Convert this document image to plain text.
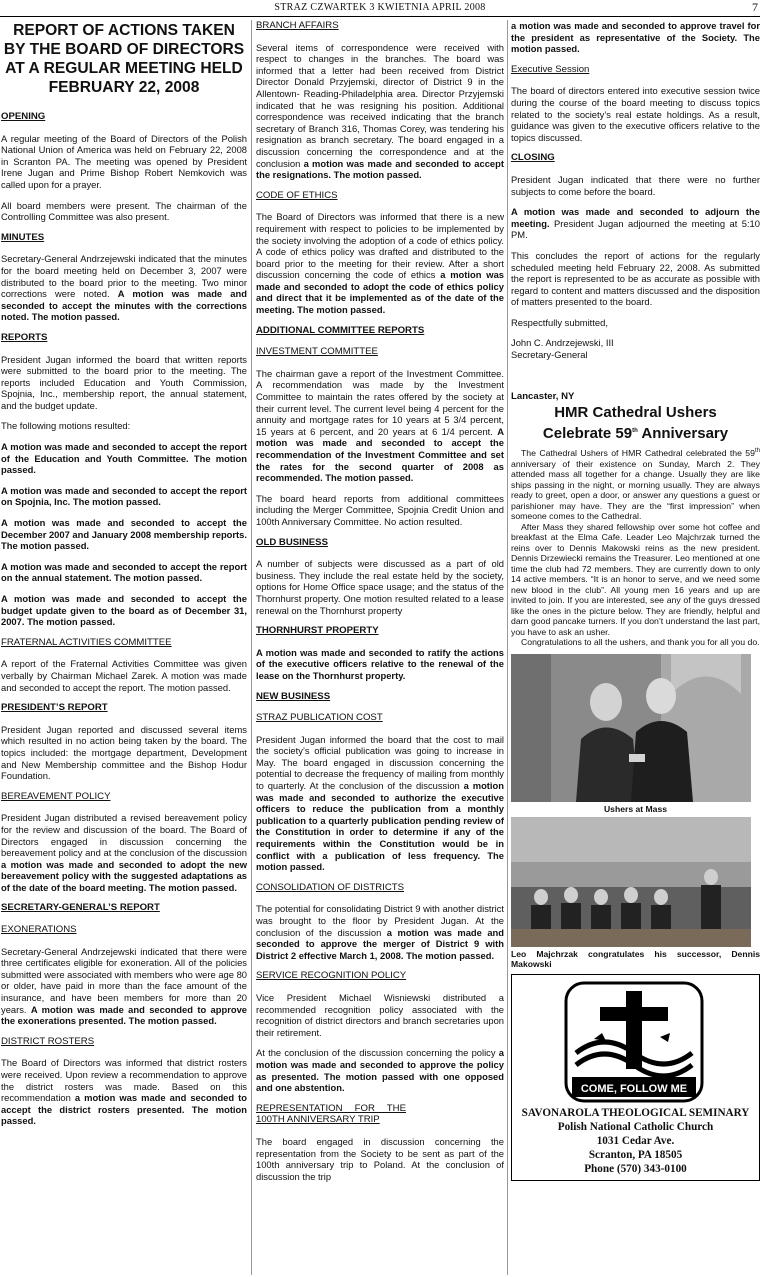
STRAZ CZWARTEK 3 KWIETNIA APRIL 2008	7
REPORT OF ACTIONS TAKEN BY THE BOARD OF DIRECTORS AT A REGULAR MEETING HELD FEBRUARY 22, 2008
OPENING

A regular meeting of the Board of Directors of the Polish National Union of America was held on February 22, 2008 in Scranton PA. The meeting was opened by President Irene Jugan and Prime Bishop Robert Nemkovich was called upon for a prayer.

All board members were present. The chairman of the Controlling Committee was also present.

MINUTES

Secretary-General Andrzejewski indicated that the minutes for the board meeting held on December 3, 2007 were distributed to the board prior to the meeting. Two minor corrections were noted. A motion was made and seconded to accept the minutes with the corrections noted. The motion passed.

REPORTS

President Jugan informed the board that written reports were submitted to the board prior to the meeting. The reports included Education and Youth Commission, Spojnia, Inc., membership report, the annual statement, and the budget update.

The following motions resulted:

A motion was made and seconded to accept the report of the Education and Youth Committee. The motion passed.

A motion was made and seconded to accept the report on Spojnia, Inc. The motion passed.

A motion was made and seconded to accept the December 2007 and January 2008 membership reports. The motion passed.

A motion was made and seconded to accept the report on the annual statement. The motion passed.

A motion was made and seconded to accept the budget update given to the board as of December 31, 2007. The motion passed.

FRATERNAL ACTIVITIES COMMITTEE

A report of the Fraternal Activities Committee was given verbally by Chairman Michael Zarek. A motion was made and seconded to accept the report. The motion passed.

PRESIDENT’S REPORT

President Jugan reported and discussed several items which resulted in no action being taken by the board. The topics included: the mortgage department, Development and New Membership committee and the Bishop Hodur Foundation.

BEREAVEMENT POLICY

President Jugan distributed a revised bereavement policy for the review and discussion of the board. The Board of Directors engaged in discussion concerning the bereavement policy and at the conclusion of the discussion a motion was made and seconded to adopt the new bereavement policy with the suggested adaptations as of the date of the board meeting. The motion passed.

SECRETARY-GENERAL’S REPORT
EXONERATIONS

Secretary-General Andrzejewski indicated that there were three certificates eligible for exoneration. All of the policies submitted were associated with members who were age 80 or older, have paid in more than the face amount of the insurance, and have been members for more than 20 years. A motion was made and seconded to approve the exonerations presented. The motion passed.

DISTRICT ROSTERS

The Board of Directors was informed that district rosters were received. Upon review a recommendation to approve the district rosters was made. Based on this recommendation a motion was made and seconded to accept the district rosters presented. The motion passed.

BRANCH AFFAIRS

Several items of correspondence were received with respect to changes in the branches. The board was informed that a letter had been received from District Director Donald Przyjemski, director of District 9 in the Allentown- Reading-Philadelphia area. Director Przyjemski indicated that he was resigning his position. Additional correspondence was received indicating that the branch secretary of Branch 316, Thomas Corey, was tendering his resignation as branch secretary. The board engaged in a discussion concerning the correspondence and at the conclusion a motion was made and seconded to accept the resignations. The motion passed.

CODE OF ETHICS

The Board of Directors was informed that there is a new requirement with respect to policies to be implemented by the society involving the adoption of a code of ethics policy. A code of ethics policy was drafted and distributed to the board prior to the meeting for their review. After a short discussion concerning the code of ethics a motion was made and seconded to adopt the code of ethics policy and direct that it be implemented as of the date of the meeting. The motion passed.

ADDITIONAL COMMITTEE REPORTS
INVESTMENT COMMITTEE

The chairman gave a report of the Investment Committee. A recommendation was made by the Investment Committee to maintain the rates offered by the society at their current level. The current level being 4 percent for the annuity and mortgage rates for 10 years at 5 3/4 percent, 15 years at 6 percent, and 20 years at 6 1/4 percent. A motion was made and seconded to accept the recommendation of the Investment Committee and set the rates for the second quarter of 2008 as recommended. The motion passed.

The board heard reports from additional committees including the Merger Committee, Spojnia Credit Union and 100th Anniversary Committee. No action resulted.

OLD BUSINESS

A number of subjects were discussed as a part of old business. They include the real estate held by the society, options for Home Office space usage; and the status of the Thornhurst property. One motion resulted related to a lease renewal on the Thornhurst property

THORNHURST PROPERTY

A motion was made and seconded to ratify the actions of the executive officers relative to the renewal of the lease on the Thornhurst property.

NEW BUSINESS
STRAZ PUBLICATION COST

President Jugan informed the board that the cost to mail the society’s official publication was going to increase in May. The board engaged in discussion concerning the potential to decrease the frequency of mailing from monthly to quarterly. At the conclusion of the discussion a motion was made and seconded to authorize the executive officers to reduce the publication from a monthly publication to a quarterly publication pending review of the Constitution in order to determine if any of the requirements within the Constitution would be in conflict with a publication of less frequency. The motion passed.

CONSOLIDATION OF DISTRICTS

The potential for consolidating District 9 with another district was brought to the floor by President Jugan. At the conclusion of the discussion a motion was made and seconded to approve the merger of District 9 with District 2 effective March 1, 2008. The motion passed.

SERVICE RECOGNITION POLICY

Vice President Michael Wisniewski distributed a recommended recognition policy associated with the recognition of district directors and branch secretaries upon their retirement.

At the conclusion of the discussion concerning the policy a motion was made and seconded to approve the policy as presented. The motion passed with one opposed and one abstention.

REPRESENTATION FOR THE 100TH ANNIVERSARY TRIP

The board engaged in discussion concerning the representation from the Society to be sent as part of the 100th anniversary trip to Poland. At the conclusion of discussion the trip

a motion was made and seconded to approve travel for the president as representative of the Society. The motion passed.

Executive Session

The board of directors entered into executive session twice during the course of the board meeting to discuss topics related to the society’s real estate holdings. As a result, guidance was given to the executive officers relative to the topics discussed.

CLOSING

President Jugan indicated that there were no further subjects to come before the board.

A motion was made and seconded to adjourn the meeting. President Jugan adjourned the meeting at 5:10 PM.

This concludes the report of actions for the regularly scheduled meeting held February 22, 2008. As submitted the report is represented to be as accurate as possible with regard to content and matters discussed and the disposition of matters presented to the board.

Respectfully submitted,

John C. Andrzejewski, III

Secretary-General

Lancaster, NY
HMR Cathedral Ushers
Celebrate 59th Anniversary

The Cathedral Ushers of HMR Cathedral celebrated the 59th anniversary of their existence on Sunday, March 2. They attended mass all together for a change. Usually they are like ships passing in the night, or morning usually. They are always ready to greet, open a door, or answer any questions a guest or parishioner may have. They are the “first impression” when someone comes to the Cathedral.

After Mass they shared fellowship over some hot coffee and breakfast at the Elma Cafe. Leader Leo Majchrzak turned the reins over to Dennis Makowski reins as the new president. Dennis Drzewiecki remains the Treasurer. Leo mentioned at one time the club had 72 members. They are currently down to only 14 active members. “It is an honor to serve, and we need some new blood in the club”. All young men 16 years and up are invited to join. If you are interested, see any of the guys dressed like the ones in the picture below. They are friendly, helpful and darn good pancake turners. If you don’t understand the last part, you have to ask an usher.

Congratulations to all the ushers, and thank you for all you do.

Ushers at Mass
Leo Majchrzak congratulates his successor, Dennis Makowski
COME, FOLLOW ME
SAVONAROLA THEOLOGICAL SEMINARY
Polish National Catholic Church
1031 Cedar Ave.
Scranton, PA 18505
Phone (570) 343-0100
